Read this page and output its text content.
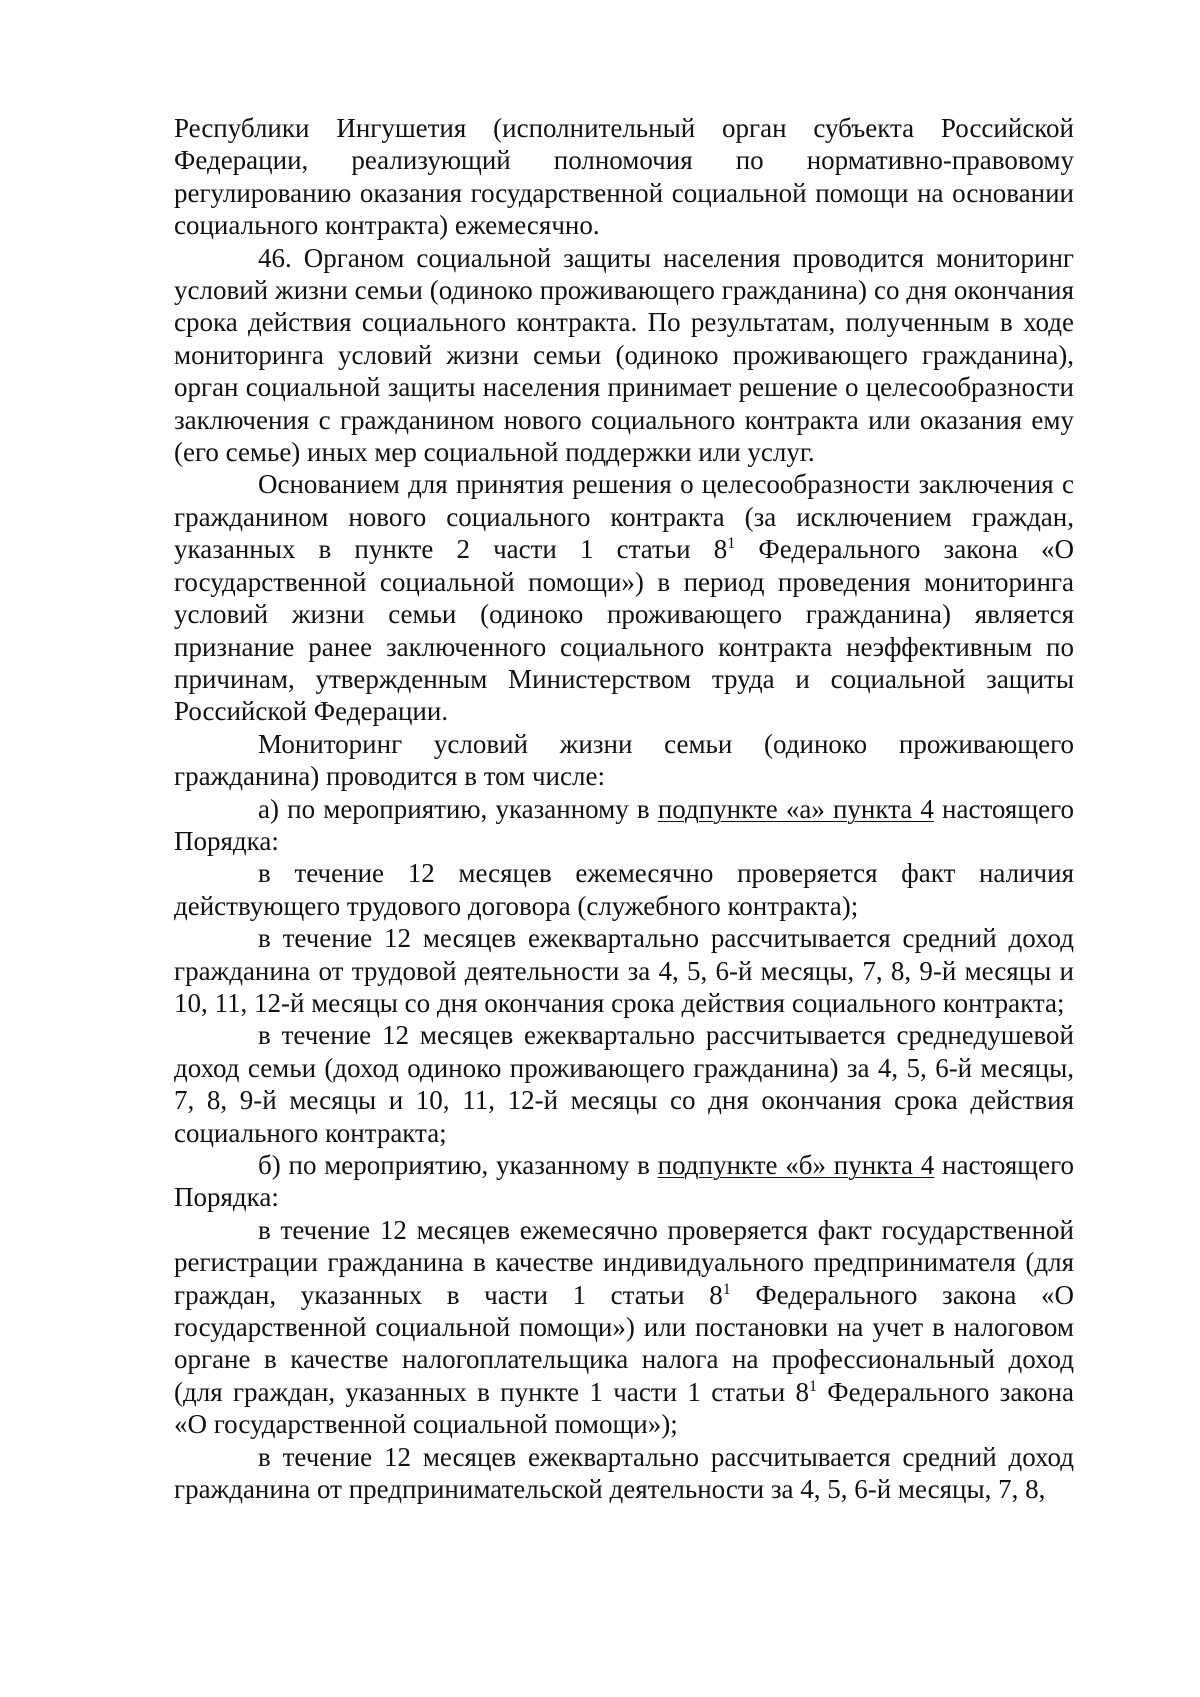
Республики Ингушетия (исполнительный орган субъекта Российской Федерации, реализующий полномочия по нормативно-правовому регулированию оказания государственной социальной помощи на основании социального контракта) ежемесячно.

46. Органом социальной защиты населения проводится мониторинг условий жизни семьи (одиноко проживающего гражданина) со дня окончания срока действия социального контракта. По результатам, полученным в ходе мониторинга условий жизни семьи (одиноко проживающего гражданина), орган социальной защиты населения принимает решение о целесообразности заключения с гражданином нового социального контракта или оказания ему (его семье) иных мер социальной поддержки или услуг.

Основанием для принятия решения о целесообразности заключения с гражданином нового социального контракта (за исключением граждан, указанных в пункте 2 части 1 статьи $8^1$ Федерального закона «О государственной социальной помощи») в период проведения мониторинга условий жизни семьи (одиноко проживающего гражданина) является признание ранее заключенного социального контракта неэффективным по причинам, утвержденным Министерством труда и социальной защиты Российской Федерации.

Мониторинг условий жизни семьи (одиноко проживающего гражданина) проводится в том числе:

а) по мероприятию, указанному в подпункте «а» пункта 4 настоящего Порядка:

в течение 12 месяцев ежемесячно проверяется факт наличия действующего трудового договора (служебного контракта);

в течение 12 месяцев ежеквартально рассчитывается средний доход гражданина от трудовой деятельности за 4, 5, 6-й месяцы, 7, 8, 9-й месяцы и 10, 11, 12-й месяцы со дня окончания срока действия социального контракта;

в течение 12 месяцев ежеквартально рассчитывается среднедушевой доход семьи (доход одиноко проживающего гражданина) за 4, 5, 6-й месяцы, 7, 8, 9-й месяцы и 10, 11, 12-й месяцы со дня окончания срока действия социального контракта;

б) по мероприятию, указанному в подпункте «б» пункта 4 настоящего Порядка:

в течение 12 месяцев ежемесячно проверяется факт государственной регистрации гражданина в качестве индивидуального предпринимателя (для граждан, указанных в части 1 статьи $8^1$ Федерального закона «О государственной социальной помощи») или постановки на учет в налоговом органе в качестве налогоплательщика налога на профессиональный доход (для граждан, указанных в пункте 1 части 1 статьи $8^1$ Федерального закона «О государственной социальной помощи»);

в течение 12 месяцев ежеквартально рассчитывается средний доход гражданина от предпринимательской деятельности за 4, 5, 6-й месяцы, 7, 8,
